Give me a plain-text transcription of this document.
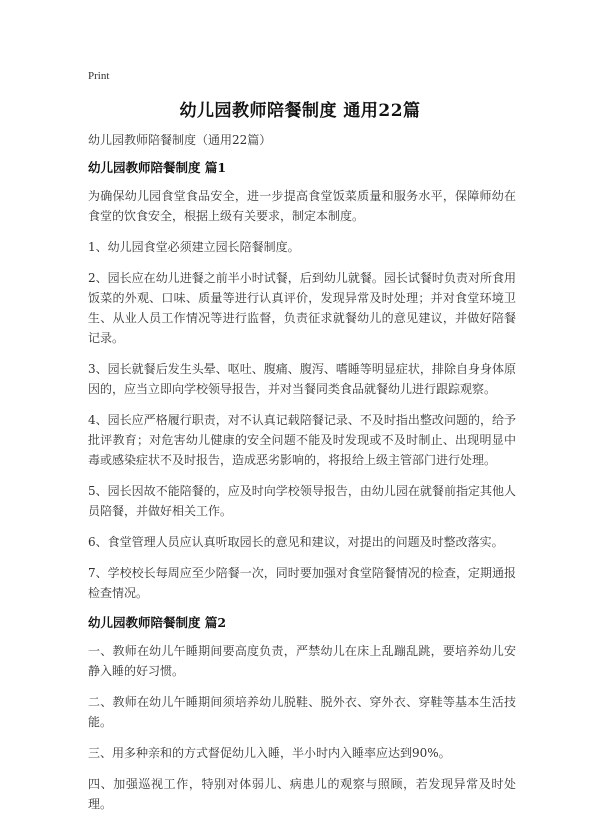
Print
幼儿园教师陪餐制度 通用22篇

幼儿园教师陪餐制度（通用22篇）

幼儿园教师陪餐制度 篇1

为确保幼儿园食堂食品安全，进一步提高食堂饭菜质量和服务水平，保障师幼在食堂的饮食安全，根据上级有关要求，制定本制度。

1、幼儿园食堂必须建立园长陪餐制度。

2、园长应在幼儿进餐之前半小时试餐，后到幼儿就餐。园长试餐时负责对所食用饭菜的外观、口味、质量等进行认真评价，发现异常及时处理；并对食堂环境卫生、从业人员工作情况等进行监督，负责征求就餐幼儿的意见建议，并做好陪餐记录。

3、园长就餐后发生头晕、呕吐、腹痛、腹泻、嗜睡等明显症状，排除自身身体原因的，应当立即向学校领导报告，并对当餐同类食品就餐幼儿进行跟踪观察。

4、园长应严格履行职责，对不认真记载陪餐记录、不及时指出整改问题的，给予批评教育；对危害幼儿健康的安全问题不能及时发现或不及时制止、出现明显中毒或感染症状不及时报告，造成恶劣影响的，将报给上级主管部门进行处理。

5、园长因故不能陪餐的，应及时向学校领导报告，由幼儿园在就餐前指定其他人员陪餐，并做好相关工作。

6、食堂管理人员应认真听取园长的意见和建议，对提出的问题及时整改落实。

7、学校校长每周应至少陪餐一次，同时要加强对食堂陪餐情况的检查，定期通报检查情况。

幼儿园教师陪餐制度 篇2

一、教师在幼儿午睡期间要高度负责，严禁幼儿在床上乱蹦乱跳，要培养幼儿安静入睡的好习惯。

二、教师在幼儿午睡期间须培养幼儿脱鞋、脱外衣、穿外衣、穿鞋等基本生活技能。

三、用多种亲和的方式督促幼儿入睡，半小时内入睡率应达到90%。

四、加强巡视工作，特别对体弱儿、病患儿的观察与照顾，若发现异常及时处理。
